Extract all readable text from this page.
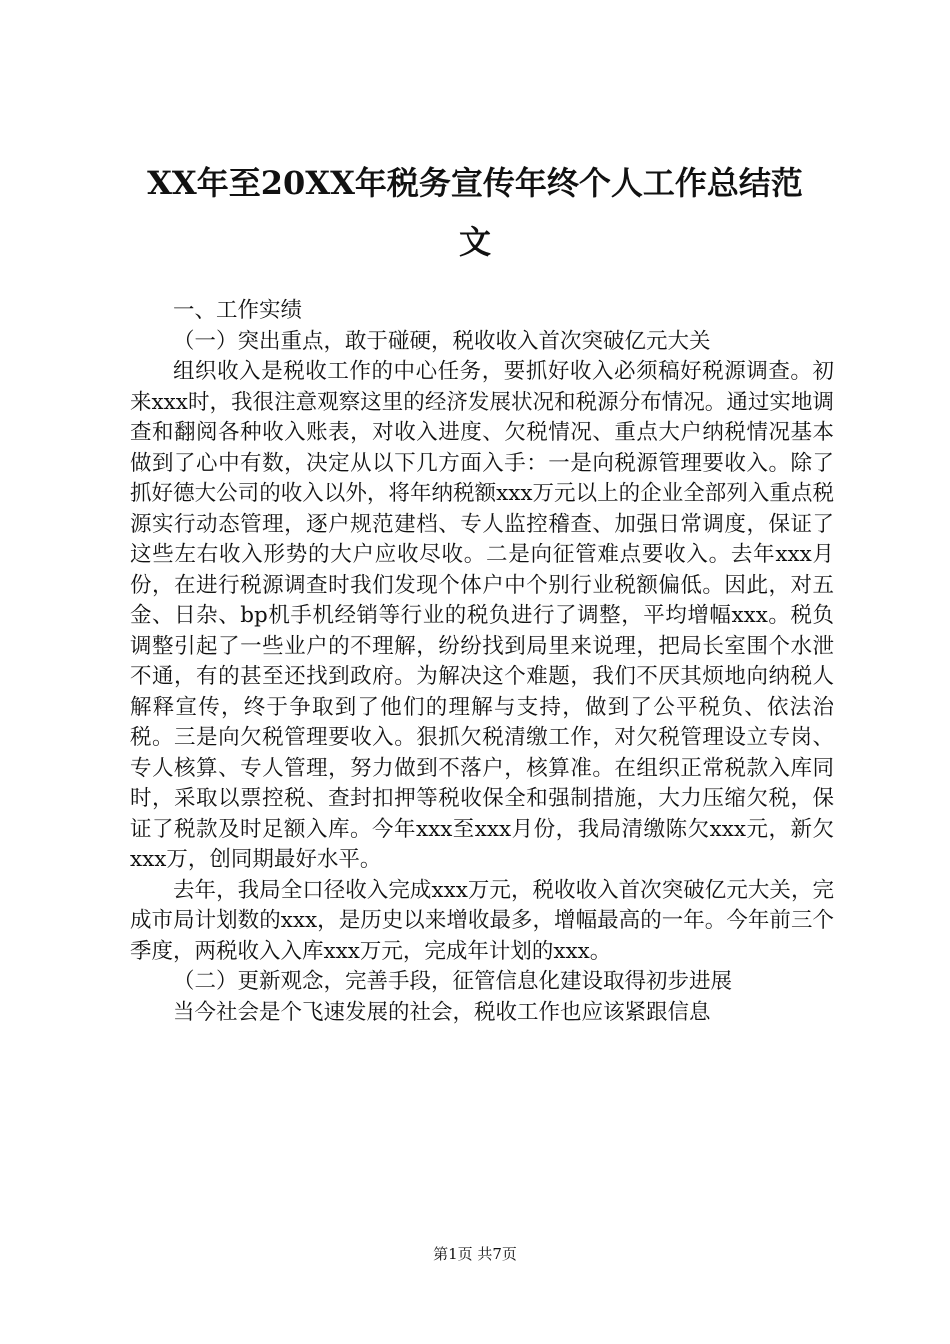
XX年至20XX年税务宣传年终个人工作总结范
文

一、工作实绩

（一）突出重点，敢于碰硬，税收收入首次突破亿元大关

组织收入是税收工作的中心任务，要抓好收入必须稿好税源调查。初来xxx时，我很注意观察这里的经济发展状况和税源分布情况。通过实地调查和翻阅各种收入账表，对收入进度、欠税情况、重点大户纳税情况基本做到了心中有数，决定从以下几方面入手：一是向税源管理要收入。除了抓好德大公司的收入以外，将年纳税额xxx万元以上的企业全部列入重点税源实行动态管理，逐户规范建档、专人监控稽查、加强日常调度，保证了这些左右收入形势的大户应收尽收。二是向征管难点要收入。去年xxx月份，在进行税源调查时我们发现个体户中个别行业税额偏低。因此，对五金、日杂、bp机手机经销等行业的税负进行了调整，平均增幅xxx。税负调整引起了一些业户的不理解，纷纷找到局里来说理，把局长室围个水泄不通，有的甚至还找到政府。为解决这个难题，我们不厌其烦地向纳税人解释宣传，终于争取到了他们的理解与支持，做到了公平税负、依法治税。三是向欠税管理要收入。狠抓欠税清缴工作，对欠税管理设立专岗、专人核算、专人管理，努力做到不落户，核算准。在组织正常税款入库同时，采取以票控税、查封扣押等税收保全和强制措施，大力压缩欠税，保证了税款及时足额入库。今年xxx至xxx月份，我局清缴陈欠xxx元，新欠xxx万，创同期最好水平。

去年，我局全口径收入完成xxx万元，税收收入首次突破亿元大关，完成市局计划数的xxx，是历史以来增收最多，增幅最高的一年。今年前三个季度，两税收入入库xxx万元，完成年计划的xxx。

（二）更新观念，完善手段，征管信息化建设取得初步进展

当今社会是个飞速发展的社会，税收工作也应该紧跟信息

第1页 共7页
